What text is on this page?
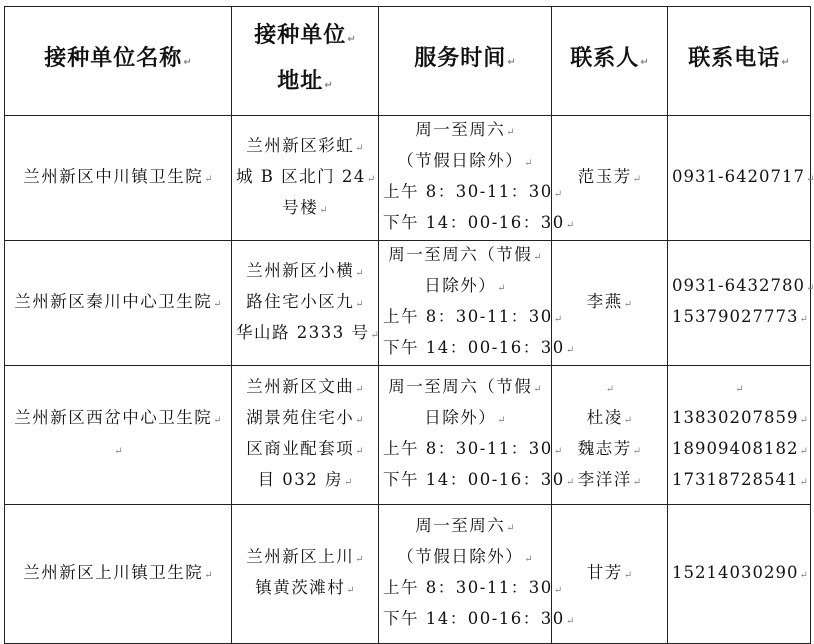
接种单位名称↵	接种单位↵
地址↵	服务时间↵	联系人↵	联系电话↵

兰州新区中川镇卫生院↵	兰州新区彩虹↵
城 B 区北门 24↵
号楼↵	周一至周六↵
（节假日除外）↵
上午 8：30-11：30↵
下午 14：00-16：30↵	范玉芳↵	0931-6420717↵

兰州新区秦川中心卫生院↵	兰州新区小横↵
路住宅小区九↵
华山路 2333 号↵	周一至周六（节假↵
日除外）↵
上午 8：30-11：30↵
下午 14：00-16：30↵	李燕↵	0931-6432780↵
15379027773↵

兰州新区西岔中心卫生院↵
↵	兰州新区文曲↵
湖景苑住宅小↵
区商业配套项↵
目 032 房↵	周一至周六（节假↵
日除外）↵
上午 8：30-11：30↵
下午 14：00-16：30↵	↵
杜凌↵
魏志芳↵
李洋洋↵	↵
13830207859↵
18909408182↵
17318728541↵

兰州新区上川镇卫生院↵	兰州新区上川↵
镇黄茨滩村↵	周一至周六↵
（节假日除外）↵
上午 8：30-11：30↵
下午 14：00-16：30↵	甘芳↵	15214030290↵
